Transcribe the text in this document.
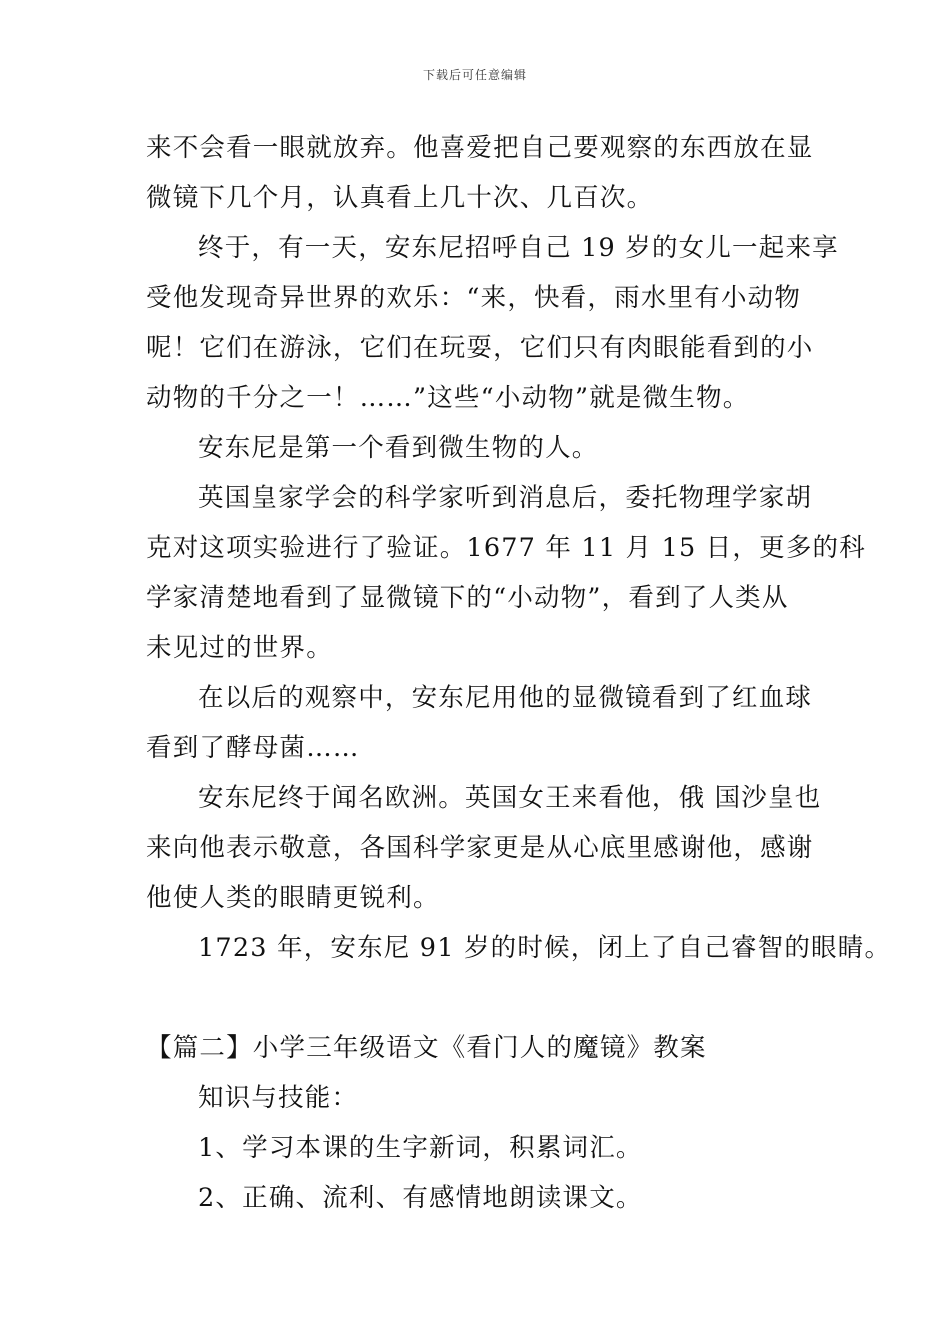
下载后可任意编辑
来不会看一眼就放弃。他喜爱把自己要观察的东西放在显
微镜下几个月，认真看上几十次、几百次。
终于，有一天，安东尼招呼自己 19 岁的女儿一起来享
受他发现奇异世界的欢乐：“来，快看，雨水里有小动物
呢！它们在游泳，它们在玩耍，它们只有肉眼能看到的小
动物的千分之一！……”这些“小动物”就是微生物。
安东尼是第一个看到微生物的人。
英国皇家学会的科学家听到消息后，委托物理学家胡
克对这项实验进行了验证。1677 年 11 月 15 日，更多的科
学家清楚地看到了显微镜下的“小动物”，看到了人类从
未见过的世界。
在以后的观察中，安东尼用他的显微镜看到了红血球
看到了酵母菌……
安东尼终于闻名欧洲。英国女王来看他，俄 国沙皇也
来向他表示敬意，各国科学家更是从心底里感谢他，感谢
他使人类的眼睛更锐利。
1723 年，安东尼 91 岁的时候，闭上了自己睿智的眼睛。
【篇二】小学三年级语文《看门人的魔镜》教案
知识与技能：
1、学习本课的生字新词，积累词汇。
2、正确、流利、有感情地朗读课文。
